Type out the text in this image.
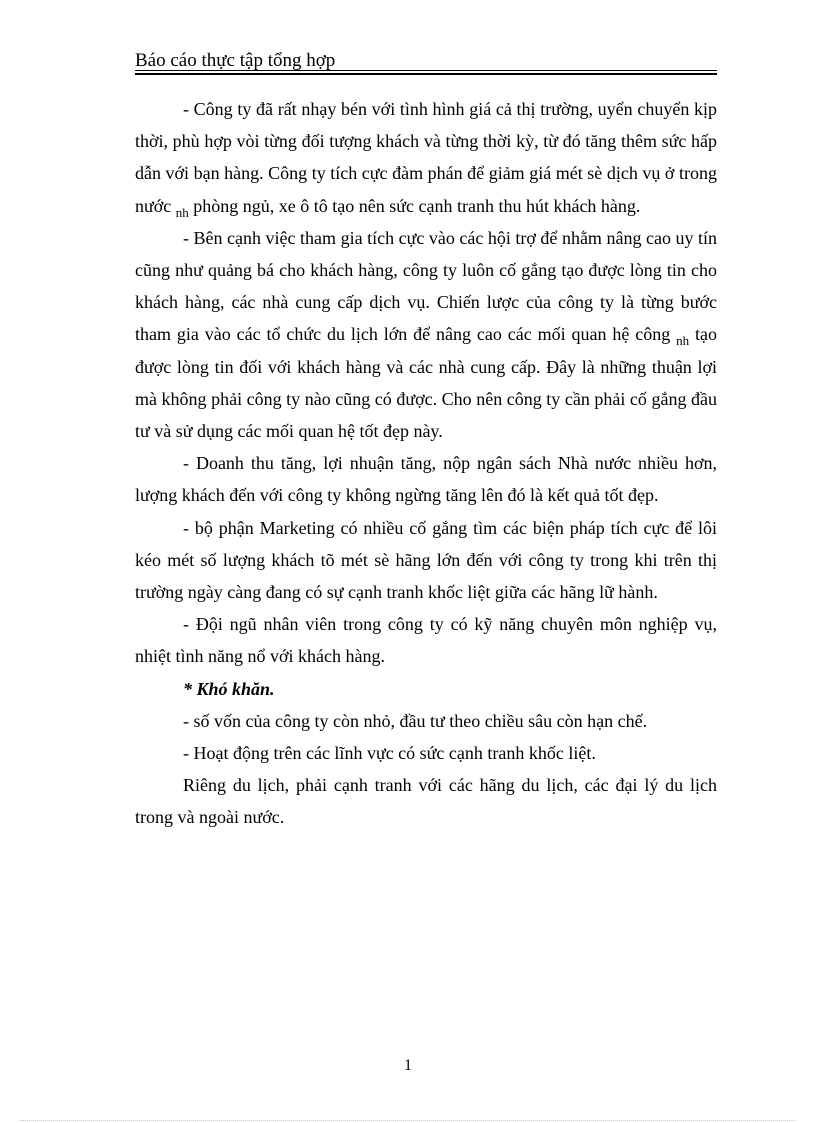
Báo cáo thực tập tổng hợp

- Công ty đã rất nhạy bén với tình hình giá cả thị trường, uyển chuyển kịp thời, phù hợp vòi từng đối tượng khách và từng thời kỳ, từ đó tăng thêm sức hấp dẫn với bạn hàng. Công ty tích cực đàm phán để giảm giá mét sè dịch vụ ở trong nước $_{nh}$ phòng ngủ, xe ô tô tạo nên sức cạnh tranh thu hút khách hàng.

- Bên cạnh việc tham gia tích cực vào các hội trợ để nhằm nâng cao uy tín cũng như quảng bá cho khách hàng, công ty luôn cố gắng tạo được lòng tin cho khách hàng, các nhà cung cấp dịch vụ. Chiến lược của công ty là từng bước tham gia vào các tổ chức du lịch lớn để nâng cao các mối quan hệ công $_{nh}$ tạo được lòng tin đối với khách hàng và các nhà cung cấp. Đây là những thuận lợi mà không phải công ty nào cũng có được. Cho nên công ty cần phải cố gắng đầu tư và sử dụng các mối quan hệ tốt đẹp này.

- Doanh thu tăng, lợi nhuận tăng, nộp ngân sách Nhà nước nhiều hơn, lượng khách đến với công ty không ngừng tăng lên đó là kết quả tốt đẹp.

- bộ phận Marketing có nhiều cố gắng tìm các biện pháp tích cực để lôi kéo mét số lượng khách tõ mét sè hãng lớn đến với công ty trong khi trên thị trường ngày càng đang có sự cạnh tranh khốc liệt giữa các hãng lữ hành.

- Đội ngũ nhân viên trong công ty có kỹ năng chuyên môn nghiệp vụ, nhiệt tình năng nổ với khách hàng.

* Khó khăn.

- số vốn của công ty còn nhỏ, đầu tư theo chiều sâu còn hạn chế.

- Hoạt động trên các lĩnh vực có sức cạnh tranh khốc liệt.

Riêng du lịch, phải cạnh tranh với các hãng du lịch, các đại lý du lịch trong và ngoài nước.

1
